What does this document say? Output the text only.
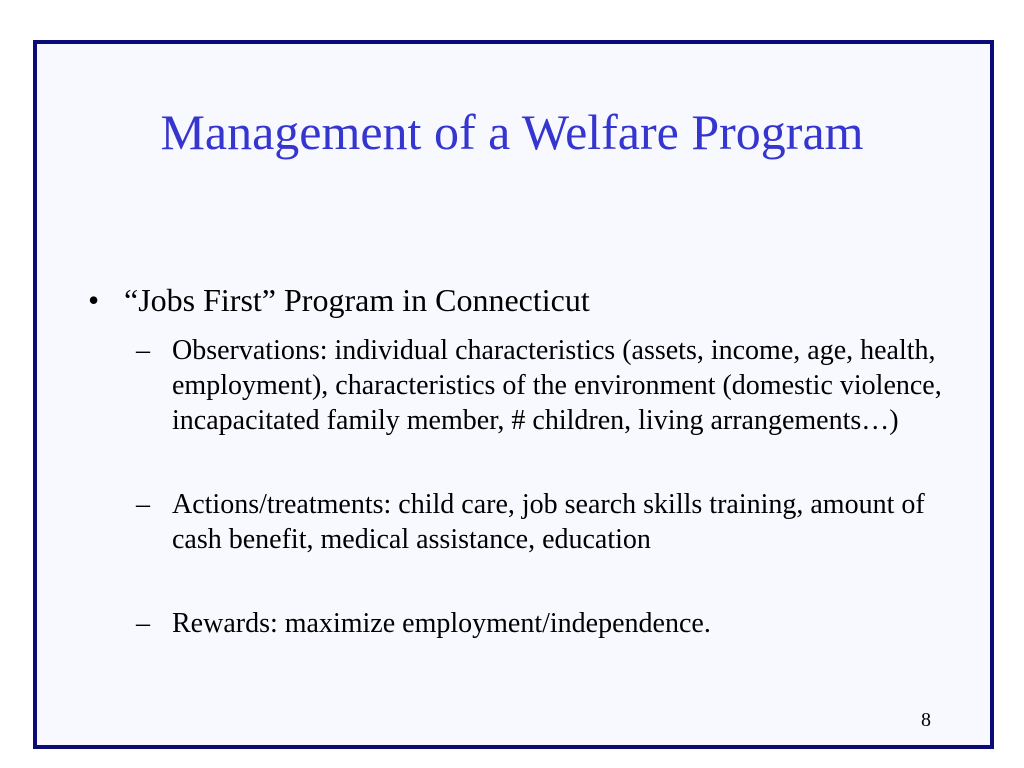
Management of a Welfare Program
• “Jobs First” Program in Connecticut
– Observations: individual characteristics (assets, income, age, health, employment), characteristics of the environment (domestic violence, incapacitated family member, # children, living arrangements…)
– Actions/treatments: child care, job search skills training, amount of cash benefit, medical assistance, education
– Rewards: maximize employment/independence.
8
